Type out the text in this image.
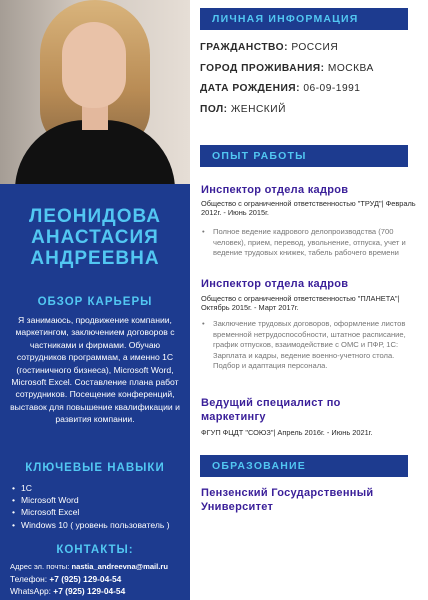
ЛЕОНИДОВА
АНАСТАСИЯ
АНДРЕЕВНА
ОБЗОР КАРЬЕРЫ
Я занимаюсь, продвижение компании, маркетингом, заключением договоров с частниками и фирмами. Обучаю сотрудников программам, а именно 1С (гостиничного бизнеса), Microsoft Word, Microsoft Excel. Составление плана работ сотрудников. Посещение конференций, выставок для повышение квалификации и развития компании.
КЛЮЧЕВЫЕ НАВЫКИ
• 1С
• Microsoft Word
• Microsoft Excel
• Windows 10 ( уровень пользователь )
КОНТАКТЫ:
Адрес эл. почты: nastia_andreevna@mail.ru
Телефон: +7 (925) 129-04-54
WhatsApp: +7 (925) 129-04-54
ЛИЧНАЯ ИНФОРМАЦИЯ
ГРАЖДАНСТВО: РОССИЯ
ГОРОД ПРОЖИВАНИЯ: МОСКВА
ДАТА РОЖДЕНИЯ: 06-09-1991
ПОЛ: ЖЕНСКИЙ
ОПЫТ РАБОТЫ
Инспектор отдела кадров
Общество с ограниченной ответственностью "ТРУД"| Февраль 2012г. - Июнь 2015г.
• Полное ведение кадрового делопроизводства (700 человек), прием, перевод, увольнение, отпуска, учет и ведение трудовых книжек, табель рабочего времени
Инспектор отдела кадров
Общество с ограниченной ответственностью "ПЛАНЕТА"| Октябрь 2015г. - Март 2017г.
• Заключение трудовых договоров, оформление листов временной нетрудоспособности, штатное расписание, график отпусков, взаимодействие с ОМС и ПФР, 1С: Зарплата и кадры, ведение военно-учетного стола. Подбор и адаптация персонала.
Ведущий специалист по маркетингу
ФГУП ФЦДТ "СОЮЗ"| Апрель 2016г. - Июнь 2021г.
ОБРАЗОВАНИЕ
Пензенский Государственный Университет
